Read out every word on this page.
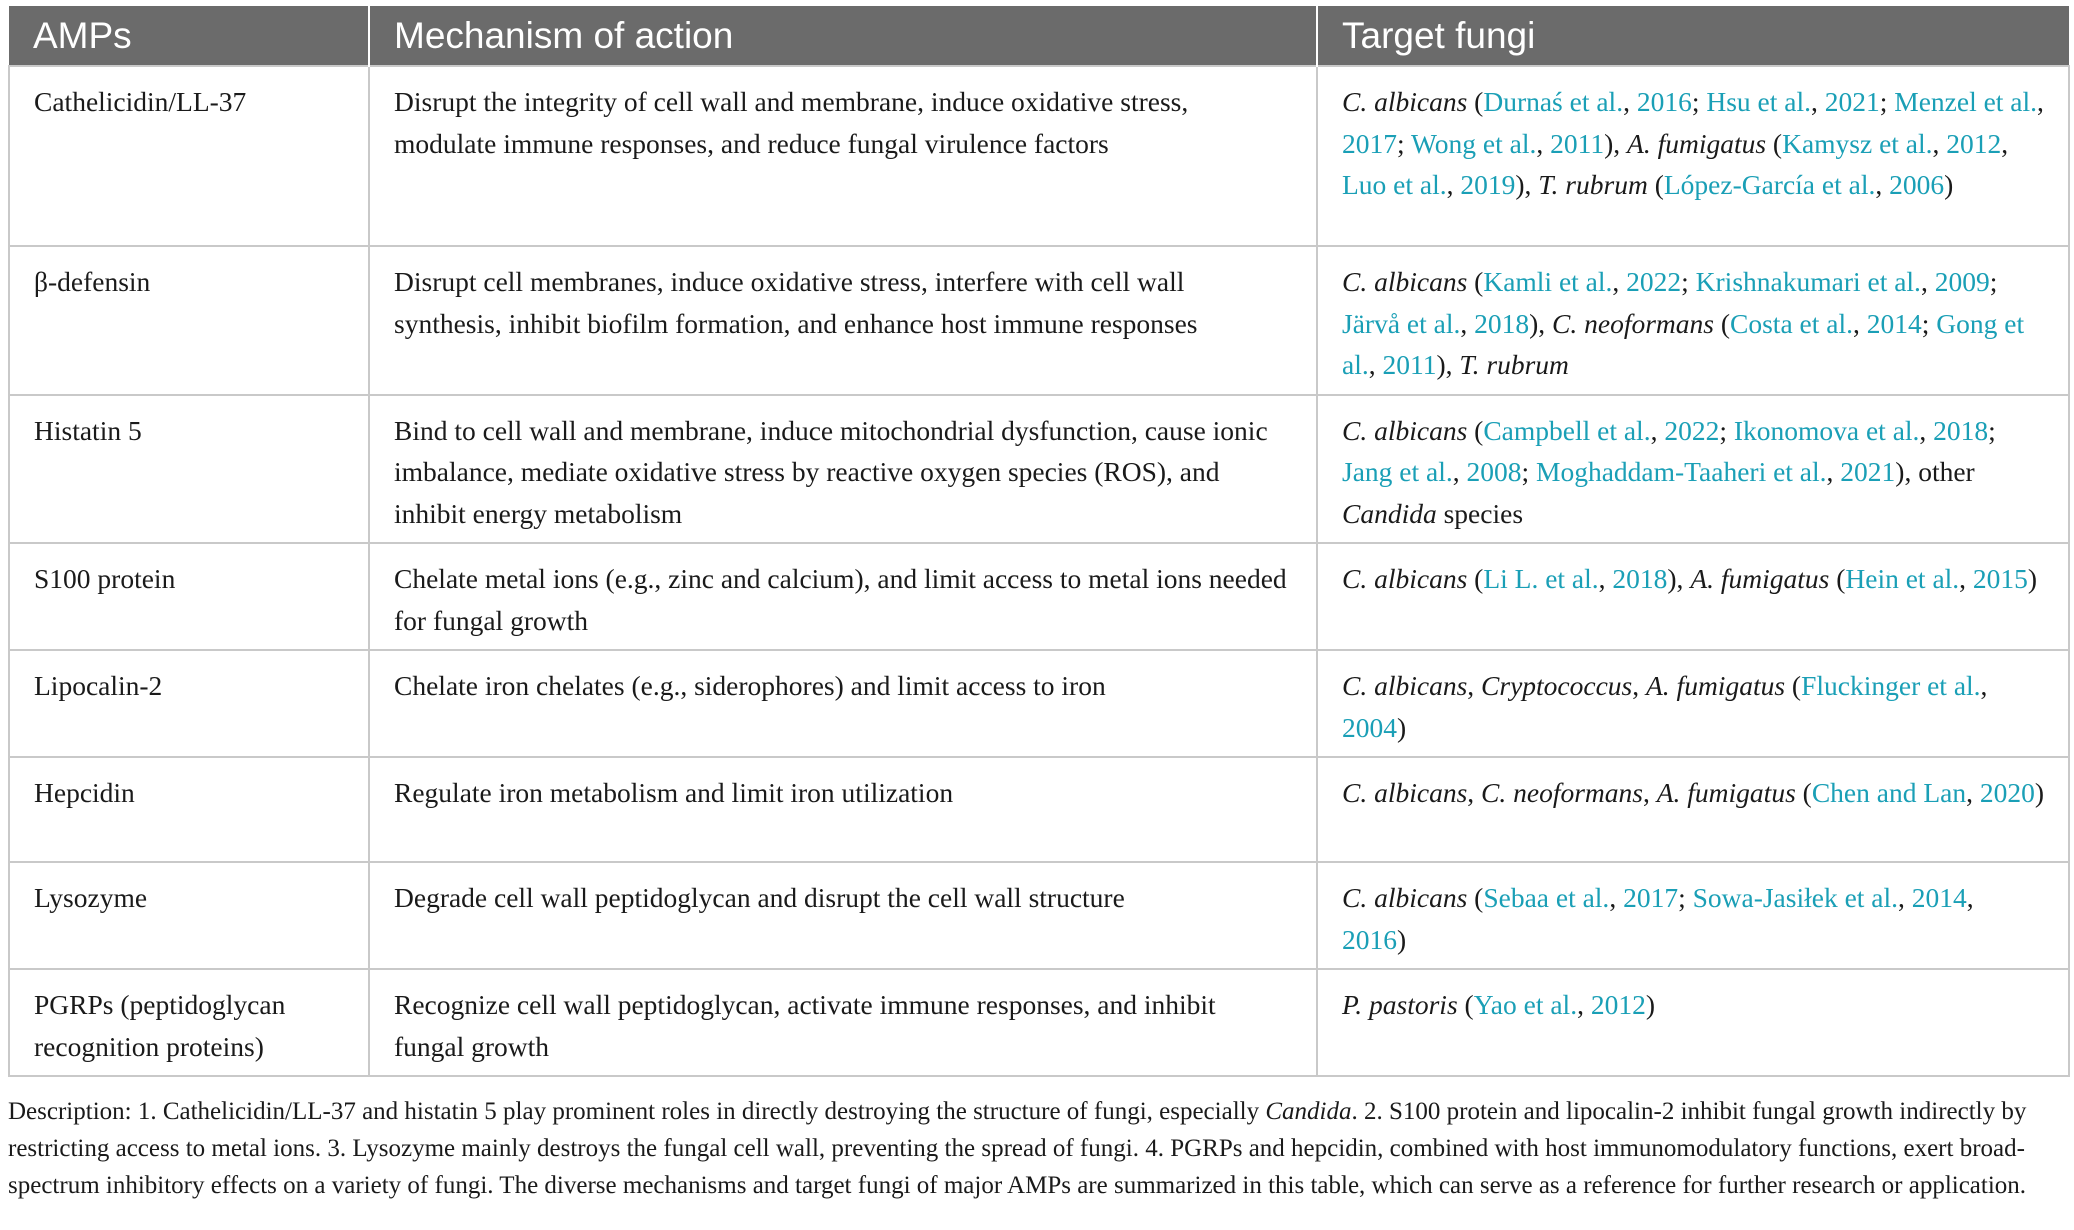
AMPs	Mechanism of action	Target fungi
Cathelicidin/LL-37	Disrupt the integrity of cell wall and membrane, induce oxidative stress, modulate immune responses, and reduce fungal virulence factors	C. albicans (Durnaś et al., 2016; Hsu et al., 2021; Menzel et al., 2017; Wong et al., 2011), A. fumigatus (Kamysz et al., 2012, Luo et al., 2019), T. rubrum (López-García et al., 2006)
β-defensin	Disrupt cell membranes, induce oxidative stress, interfere with cell wall synthesis, inhibit biofilm formation, and enhance host immune responses	C. albicans (Kamli et al., 2022; Krishnakumari et al., 2009; Järvå et al., 2018), C. neoformans (Costa et al., 2014; Gong et al., 2011), T. rubrum
Histatin 5	Bind to cell wall and membrane, induce mitochondrial dysfunction, cause ionic imbalance, mediate oxidative stress by reactive oxygen species (ROS), and inhibit energy metabolism	C. albicans (Campbell et al., 2022; Ikonomova et al., 2018; Jang et al., 2008; Moghaddam-Taaheri et al., 2021), other Candida species
S100 protein	Chelate metal ions (e.g., zinc and calcium), and limit access to metal ions needed for fungal growth	C. albicans (Li L. et al., 2018), A. fumigatus (Hein et al., 2015)
Lipocalin-2	Chelate iron chelates (e.g., siderophores) and limit access to iron	C. albicans, Cryptococcus, A. fumigatus (Fluckinger et al., 2004)
Hepcidin	Regulate iron metabolism and limit iron utilization	C. albicans, C. neoformans, A. fumigatus (Chen and Lan, 2020)
Lysozyme	Degrade cell wall peptidoglycan and disrupt the cell wall structure	C. albicans (Sebaa et al., 2017; Sowa-Jasiłek et al., 2014, 2016)
PGRPs (peptidoglycan recognition proteins)	Recognize cell wall peptidoglycan, activate immune responses, and inhibit fungal growth	P. pastoris (Yao et al., 2012)
Description: 1. Cathelicidin/LL-37 and histatin 5 play prominent roles in directly destroying the structure of fungi, especially Candida. 2. S100 protein and lipocalin-2 inhibit fungal growth indirectly by restricting access to metal ions. 3. Lysozyme mainly destroys the fungal cell wall, preventing the spread of fungi. 4. PGRPs and hepcidin, combined with host immunomodulatory functions, exert broad-spectrum inhibitory effects on a variety of fungi. The diverse mechanisms and target fungi of major AMPs are summarized in this table, which can serve as a reference for further research or application.
